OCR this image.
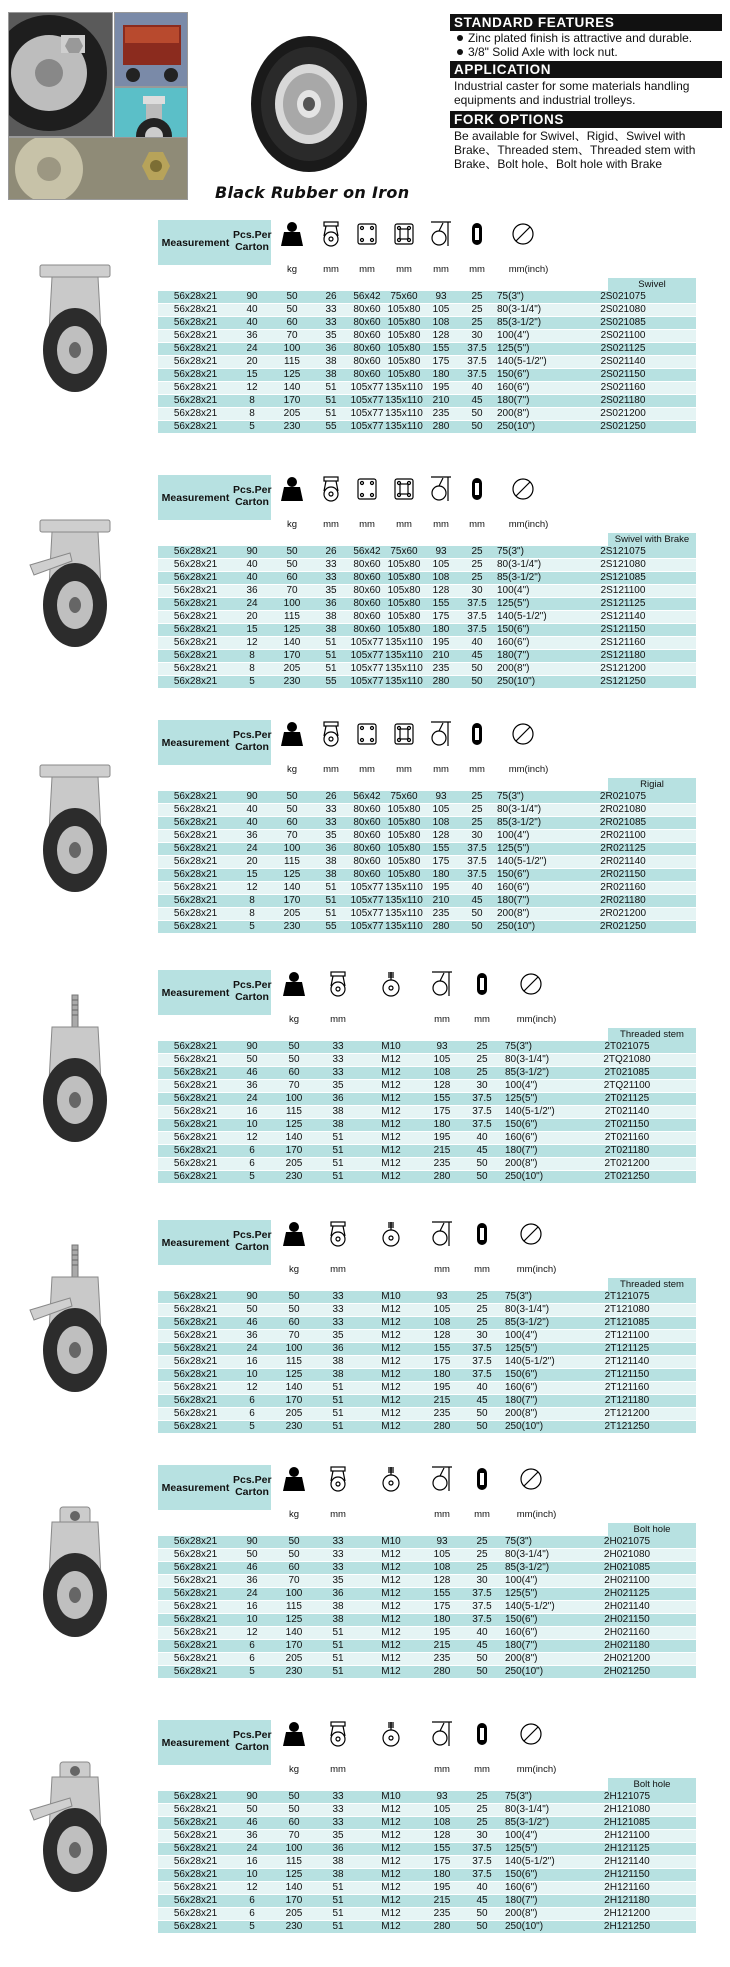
Black Rubber on Iron
STANDARD FEATURES
Zinc plated finish is attractive and durable.
3/8" Solid Axle with lock nut.
APPLICATION
Industrial caster for some materials handling equipments and industrial trolleys.
FORK OPTIONS
Be available for Swivel、Rigid、Swivel with Brake、Threaded stem、Threaded stem with Brake、Bolt hole、Bolt hole with Brake
Measurement
Pcs.Per Carton
kg	mm	mm	mm	mm	mm	mm(inch)
Swivel
56x28x21	90	50	26	56x42	75x60	93	25	75(3")	2S021075
56x28x21	40	50	33	80x60	105x80	105	25	80(3-1/4")	2S021080
56x28x21	40	60	33	80x60	105x80	108	25	85(3-1/2")	2S021085
56x28x21	36	70	35	80x60	105x80	128	30	100(4")	2S021100
56x28x21	24	100	36	80x60	105x80	155	37.5	125(5")	2S021125
56x28x21	20	115	38	80x60	105x80	175	37.5	140(5-1/2")	2S021140
56x28x21	15	125	38	80x60	105x80	180	37.5	150(6")	2S021150
56x28x21	12	140	51	105x77	135x110	195	40	160(6")	2S021160
56x28x21	8	170	51	105x77	135x110	210	45	180(7")	2S021180
56x28x21	8	205	51	105x77	135x110	235	50	200(8")	2S021200
56x28x21	5	230	55	105x77	135x110	280	50	250(10")	2S021250
Measurement
Pcs.Per Carton
kg	mm	mm	mm	mm	mm	mm(inch)
Swivel with Brake
56x28x21	90	50	26	56x42	75x60	93	25	75(3")	2S121075
56x28x21	40	50	33	80x60	105x80	105	25	80(3-1/4")	2S121080
56x28x21	40	60	33	80x60	105x80	108	25	85(3-1/2")	2S121085
56x28x21	36	70	35	80x60	105x80	128	30	100(4")	2S121100
56x28x21	24	100	36	80x60	105x80	155	37.5	125(5")	2S121125
56x28x21	20	115	38	80x60	105x80	175	37.5	140(5-1/2")	2S121140
56x28x21	15	125	38	80x60	105x80	180	37.5	150(6")	2S121150
56x28x21	12	140	51	105x77	135x110	195	40	160(6")	2S121160
56x28x21	8	170	51	105x77	135x110	210	45	180(7")	2S121180
56x28x21	8	205	51	105x77	135x110	235	50	200(8")	2S121200
56x28x21	5	230	55	105x77	135x110	280	50	250(10")	2S121250
Measurement
Pcs.Per Carton
kg	mm	mm	mm	mm	mm	mm(inch)
Rigial
56x28x21	90	50	26	56x42	75x60	93	25	75(3")	2R021075
56x28x21	40	50	33	80x60	105x80	105	25	80(3-1/4")	2R021080
56x28x21	40	60	33	80x60	105x80	108	25	85(3-1/2")	2R021085
56x28x21	36	70	35	80x60	105x80	128	30	100(4")	2R021100
56x28x21	24	100	36	80x60	105x80	155	37.5	125(5")	2R021125
56x28x21	20	115	38	80x60	105x80	175	37.5	140(5-1/2")	2R021140
56x28x21	15	125	38	80x60	105x80	180	37.5	150(6")	2R021150
56x28x21	12	140	51	105x77	135x110	195	40	160(6")	2R021160
56x28x21	8	170	51	105x77	135x110	210	45	180(7")	2R021180
56x28x21	8	205	51	105x77	135x110	235	50	200(8")	2R021200
56x28x21	5	230	55	105x77	135x110	280	50	250(10")	2R021250
Measurement
Pcs.Per Carton
kg	mm	mm	mm	mm(inch)
Threaded stem
56x28x21	90	50	33	M10	93	25	75(3")	2T021075
56x28x21	50	50	33	M12	105	25	80(3-1/4")	2TQ21080
56x28x21	46	60	33	M12	108	25	85(3-1/2")	2T021085
56x28x21	36	70	35	M12	128	30	100(4")	2TQ21100
56x28x21	24	100	36	M12	155	37.5	125(5")	2T021125
56x28x21	16	115	38	M12	175	37.5	140(5-1/2")	2T021140
56x28x21	10	125	38	M12	180	37.5	150(6")	2T021150
56x28x21	12	140	51	M12	195	40	160(6")	2T021160
56x28x21	6	170	51	M12	215	45	180(7")	2T021180
56x28x21	6	205	51	M12	235	50	200(8")	2T021200
56x28x21	5	230	51	M12	280	50	250(10")	2T021250
Measurement
Pcs.Per Carton
kg	mm	mm	mm	mm(inch)
Threaded stem
56x28x21	90	50	33	M10	93	25	75(3")	2T121075
56x28x21	50	50	33	M12	105	25	80(3-1/4")	2T121080
56x28x21	46	60	33	M12	108	25	85(3-1/2")	2T121085
56x28x21	36	70	35	M12	128	30	100(4")	2T121100
56x28x21	24	100	36	M12	155	37.5	125(5")	2T121125
56x28x21	16	115	38	M12	175	37.5	140(5-1/2")	2T121140
56x28x21	10	125	38	M12	180	37.5	150(6")	2T121150
56x28x21	12	140	51	M12	195	40	160(6")	2T121160
56x28x21	6	170	51	M12	215	45	180(7")	2T121180
56x28x21	6	205	51	M12	235	50	200(8")	2T121200
56x28x21	5	230	51	M12	280	50	250(10")	2T121250
Measurement
Pcs.Per Carton
kg	mm	mm	mm	mm(inch)
Bolt hole
56x28x21	90	50	33	M10	93	25	75(3")	2H021075
56x28x21	50	50	33	M12	105	25	80(3-1/4")	2H021080
56x28x21	46	60	33	M12	108	25	85(3-1/2")	2H021085
56x28x21	36	70	35	M12	128	30	100(4")	2H021100
56x28x21	24	100	36	M12	155	37.5	125(5")	2H021125
56x28x21	16	115	38	M12	175	37.5	140(5-1/2")	2H021140
56x28x21	10	125	38	M12	180	37.5	150(6")	2H021150
56x28x21	12	140	51	M12	195	40	160(6")	2H021160
56x28x21	6	170	51	M12	215	45	180(7")	2H021180
56x28x21	6	205	51	M12	235	50	200(8")	2H021200
56x28x21	5	230	51	M12	280	50	250(10")	2H021250
Measurement
Pcs.Per Carton
kg	mm	mm	mm	mm(inch)
Bolt hole
56x28x21	90	50	33	M10	93	25	75(3")	2H121075
56x28x21	50	50	33	M12	105	25	80(3-1/4")	2H121080
56x28x21	46	60	33	M12	108	25	85(3-1/2")	2H121085
56x28x21	36	70	35	M12	128	30	100(4")	2H121100
56x28x21	24	100	36	M12	155	37.5	125(5")	2H121125
56x28x21	16	115	38	M12	175	37.5	140(5-1/2")	2H121140
56x28x21	10	125	38	M12	180	37.5	150(6")	2H121150
56x28x21	12	140	51	M12	195	40	160(6")	2H121160
56x28x21	6	170	51	M12	215	45	180(7")	2H121180
56x28x21	6	205	51	M12	235	50	200(8")	2H121200
56x28x21	5	230	51	M12	280	50	250(10")	2H121250
